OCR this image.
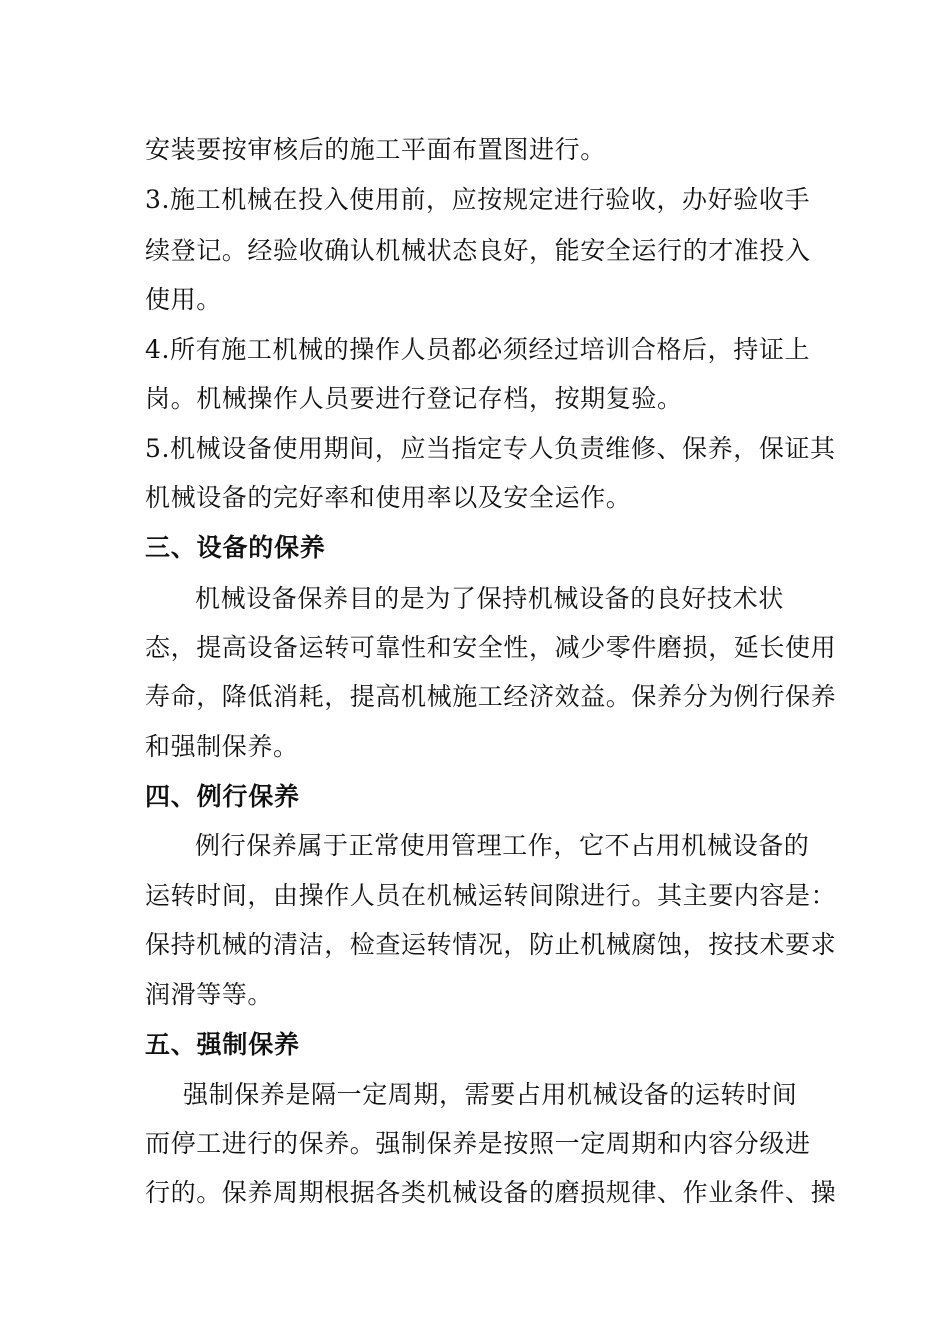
安装要按审核后的施工平面布置图进行。
3.施工机械在投入使用前，应按规定进行验收，办好验收手
续登记。经验收确认机械状态良好，能安全运行的才准投入
使用。
4.所有施工机械的操作人员都必须经过培训合格后，持证上
岗。机械操作人员要进行登记存档，按期复验。
5.机械设备使用期间，应当指定专人负责维修、保养，保证其
机械设备的完好率和使用率以及安全运作。
三、设备的保养
机械设备保养目的是为了保持机械设备的良好技术状
态，提高设备运转可靠性和安全性，减少零件磨损，延长使用
寿命，降低消耗，提高机械施工经济效益。保养分为例行保养
和强制保养。
四、例行保养
例行保养属于正常使用管理工作，它不占用机械设备的
运转时间，由操作人员在机械运转间隙进行。其主要内容是：
保持机械的清洁，检查运转情况，防止机械腐蚀，按技术要求
润滑等等。
五、强制保养
强制保养是隔一定周期，需要占用机械设备的运转时间
而停工进行的保养。强制保养是按照一定周期和内容分级进
行的。保养周期根据各类机械设备的磨损规律、作业条件、操
